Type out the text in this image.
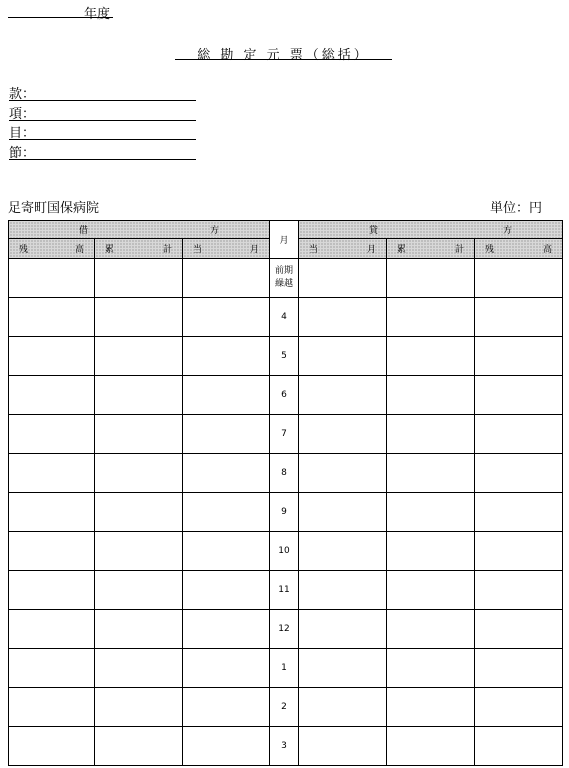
年度
総 勘 定 元 票（総括）
款：
項：
目：
節：
足寄町国保病院	単位：円
借 方			月	貸 方		

残 高	累 計	当 月		当 月	累 計	残 高

			前期
繰越			
			4			
			5			
			6			
			7			
			8			
			9			
			10			
			11			
			12			
			1			
			2			
			3			
